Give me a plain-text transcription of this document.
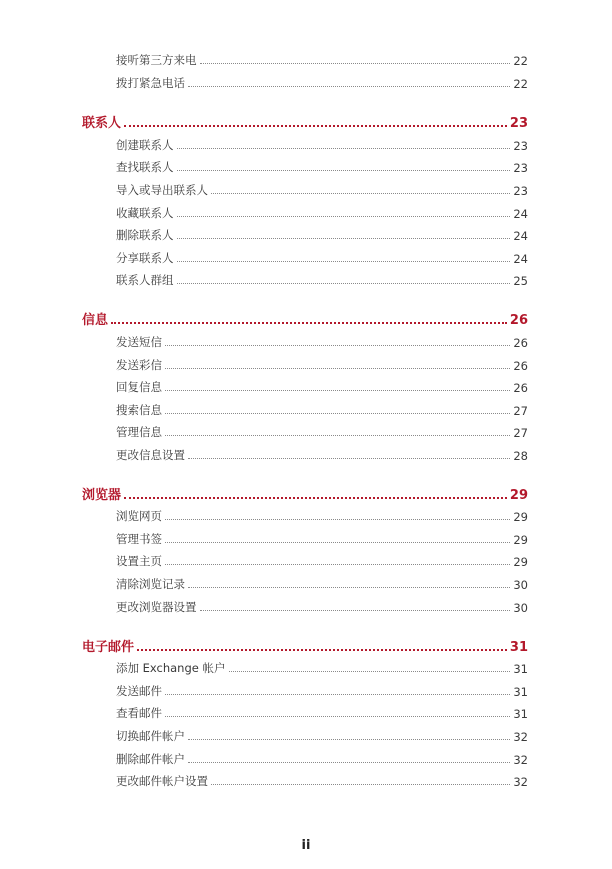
接听第三方来电	22
拨打紧急电话	22
联系人	23
创建联系人	23
查找联系人	23
导入或导出联系人	23
收藏联系人	24
删除联系人	24
分享联系人	24
联系人群组	25
信息	26
发送短信	26
发送彩信	26
回复信息	26
搜索信息	27
管理信息	27
更改信息设置	28
浏览器	29
浏览网页	29
管理书签	29
设置主页	29
清除浏览记录	30
更改浏览器设置	30
电子邮件	31
添加 Exchange 帐户	31
发送邮件	31
查看邮件	31
切换邮件帐户	32
删除邮件帐户	32
更改邮件帐户设置	32
ii
